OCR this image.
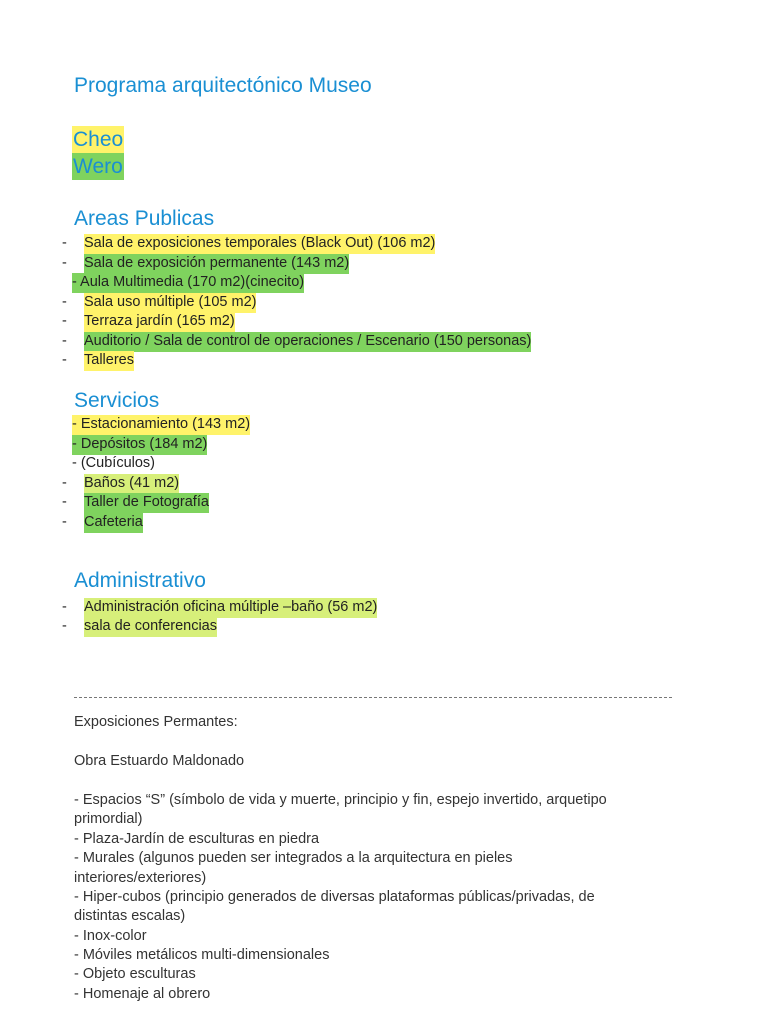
Programa arquitectónico Museo
Cheo
Wero
Areas Publicas
- Sala de exposiciones temporales (Black Out) (106 m2)
- Sala de exposición permanente (143 m2)
- Aula Multimedia (170 m2)(cinecito)
- Sala uso múltiple (105 m2)
- Terraza jardín (165 m2)
- Auditorio / Sala de control de operaciones / Escenario (150 personas)
- Talleres
Servicios
- Estacionamiento (143 m2)
- Depósitos (184 m2)
- (Cubículos)
- Baños (41 m2)
- Taller de Fotografía
- Cafeteria
Administrativo
- Administración oficina múltiple –baño (56 m2)
- sala de conferencias
Exposiciones Permantes:
Obra Estuardo Maldonado
- Espacios “S” (símbolo de vida y muerte, principio y fin, espejo invertido, arquetipo
primordial)
- Plaza-Jardín de esculturas en piedra
- Murales (algunos pueden ser integrados a la arquitectura en pieles
interiores/exteriores)
- Hiper-cubos (principio generados de diversas plataformas públicas/privadas, de
distintas escalas)
- Inox-color
- Móviles metálicos multi-dimensionales
- Objeto esculturas
- Homenaje al obrero
